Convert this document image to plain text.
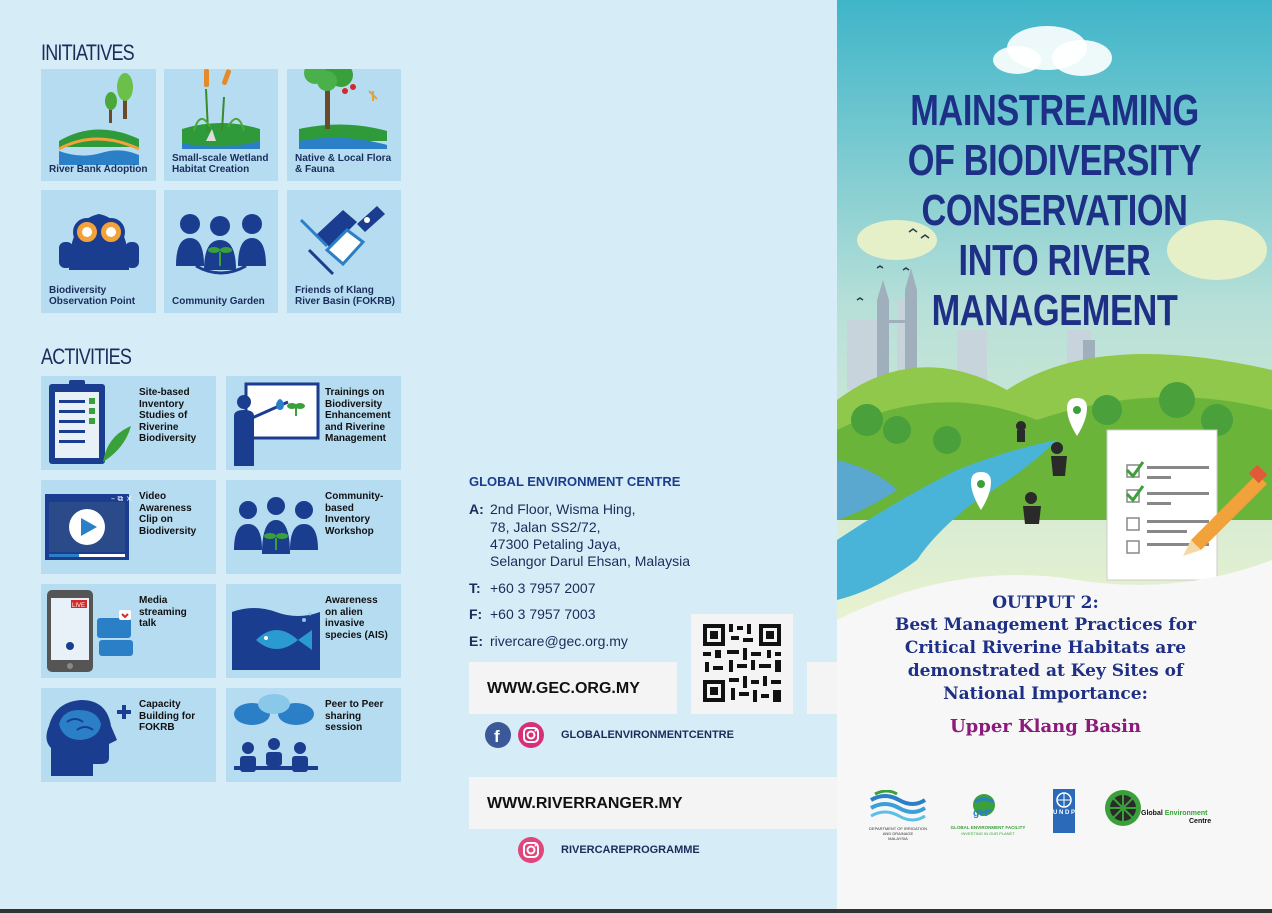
INITIATIVES
River Bank Adoption
Small-scale Wetland
Habitat Creation
Native & Local Flora
& Fauna
Biodiversity
Observation Point	Community Garden
Friends of Klang
River Basin (FOKRB)
ACTIVITIES
Site-based
Inventory
Studies of
Riverine
Biodiversity
Trainings on
Biodiversity
Enhancement
and Riverine
Management
– ⧉ × Video
Awareness
Clip on
Biodiversity
Community-
based
Inventory
Workshop
LIVE	Media
streaming
talk
Awareness
on alien
invasive
species (AIS)
Capacity
Building for
FOKRB
Peer to Peer
sharing
session
GLOBAL ENVIRONMENT CENTRE
A: 2nd Floor, Wisma Hing,
78, Jalan SS2/72,
47300 Petaling Jaya,
Selangor Darul Ehsan, Malaysia
T: +60 3 7957 2007
F: +60 3 7957 7003
E: rivercare@gec.org.my
WWW.GEC.ORG.MY
f	GLOBALENVIRONMENTCENTRE
WWW.RIVERRANGER.MY
RIVERCAREPROGRAMME
MAINSTREAMING
OF BIODIVERSITY
CONSERVATION
INTO RIVER
MANAGEMENT
OUTPUT 2:
Best Management Practices for
Critical Riverine Habitats are
demonstrated at Key Sites of
National Importance:
Upper Klang Basin
DEPARTMENT OF IRRIGATION
AND DRAINAGE
MALAYSIA
gef
GLOBAL ENVIRONMENT FACILITY
INVESTING IN OUR PLANET
U N D P	Global Environment
Centre
